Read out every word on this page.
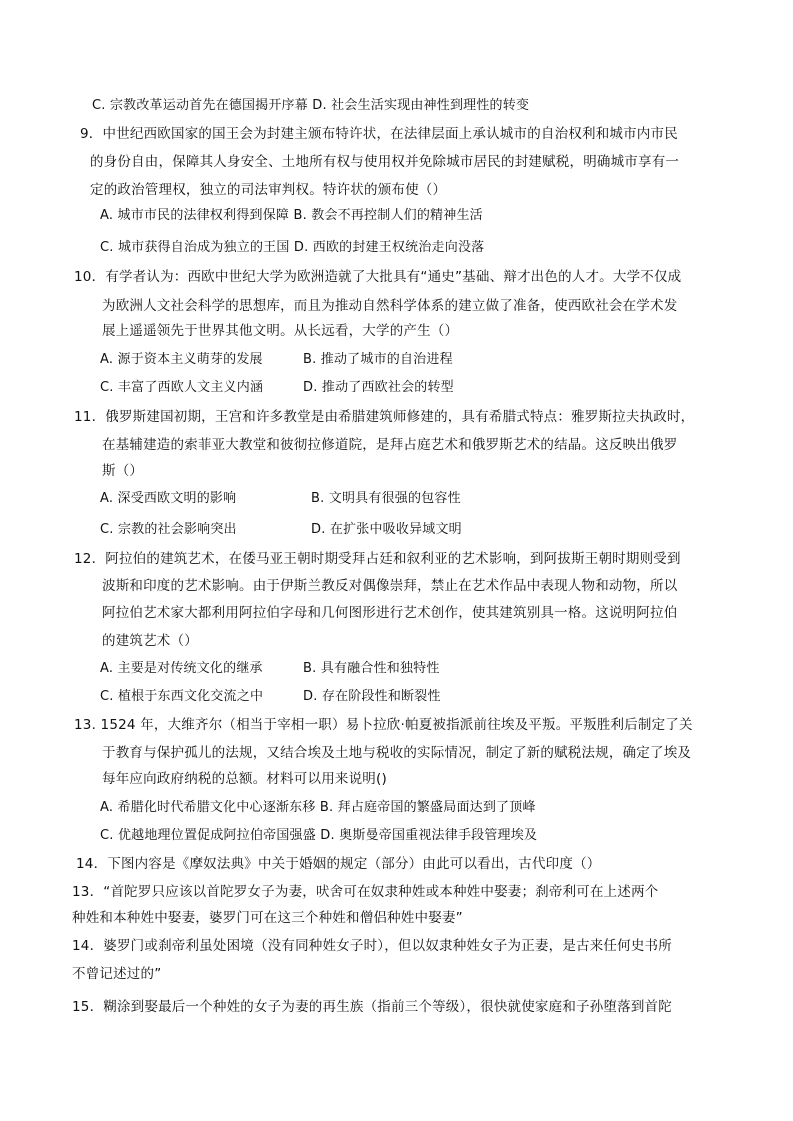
C. 宗教改革运动首先在德国揭开序幕 D. 社会生活实现由神性到理性的转变
9．中世纪西欧国家的国王会为封建主颁布特许状，在法律层面上承认城市的自治权利和城市内市民
的身份自由，保障其人身安全、土地所有权与使用权并免除城市居民的封建赋税，明确城市享有一
定的政治管理权，独立的司法审判权。特许状的颁布使（）
A. 城市市民的法律权利得到保障 B. 教会不再控制人们的精神生活
C. 城市获得自治成为独立的王国 D. 西欧的封建王权统治走向没落
10．有学者认为：西欧中世纪大学为欧洲造就了大批具有“通史”基础、辩才出色的人才。大学不仅成
为欧洲人文社会科学的思想库，而且为推动自然科学体系的建立做了准备，使西欧社会在学术发
展上遥遥领先于世界其他文明。从长远看，大学的产生（）
A. 源于资本主义萌芽的发展	B. 推动了城市的自治进程
C. 丰富了西欧人文主义内涵	D. 推动了西欧社会的转型
11．俄罗斯建国初期，王宫和许多教堂是由希腊建筑师修建的，具有希腊式特点：雅罗斯拉夫执政时，
在基辅建造的索菲亚大教堂和彼彻拉修道院，是拜占庭艺术和俄罗斯艺术的结晶。这反映出俄罗
斯（）
A. 深受西欧文明的影响	B. 文明具有很强的包容性
C. 宗教的社会影响突出	D. 在扩张中吸收异域文明
12．阿拉伯的建筑艺术，在倭马亚王朝时期受拜占廷和叙利亚的艺术影响，到阿拔斯王朝时期则受到
波斯和印度的艺术影响。由于伊斯兰教反对偶像崇拜，禁止在艺术作品中表现人物和动物，所以
阿拉伯艺术家大都利用阿拉伯字母和几何图形进行艺术创作，使其建筑别具一格。这说明阿拉伯
的建筑艺术（）
A. 主要是对传统文化的继承	B. 具有融合性和独特性
C. 植根于东西文化交流之中	D. 存在阶段性和断裂性
13. 1524 年，大维齐尔（相当于宰相一职）易卜拉欣·帕夏被指派前往埃及平叛。平叛胜利后制定了关
于教育与保护孤儿的法规，又结合埃及土地与税收的实际情况，制定了新的赋税法规，确定了埃及
每年应向政府纳税的总额。材料可以用来说明()
A. 希腊化时代希腊文化中心逐渐东移 B. 拜占庭帝国的繁盛局面达到了顶峰
C. 优越地理位置促成阿拉伯帝国强盛 D. 奥斯曼帝国重视法律手段管理埃及
14．下图内容是《摩奴法典》中关于婚姻的规定（部分）由此可以看出，古代印度（）
13．“首陀罗只应该以首陀罗女子为妻，吠舍可在奴隶种姓或本种姓中娶妻；刹帝利可在上述两个
种姓和本种姓中娶妻，婆罗门可在这三个种姓和僧侣种姓中娶妻”
14．婆罗门或刹帝利虽处困境（没有同种姓女子时），但以奴隶种姓女子为正妻，是古来任何史书所
不曾记述过的”
15．糊涂到娶最后一个种姓的女子为妻的再生族（指前三个等级），很快就使家庭和子孙堕落到首陀
